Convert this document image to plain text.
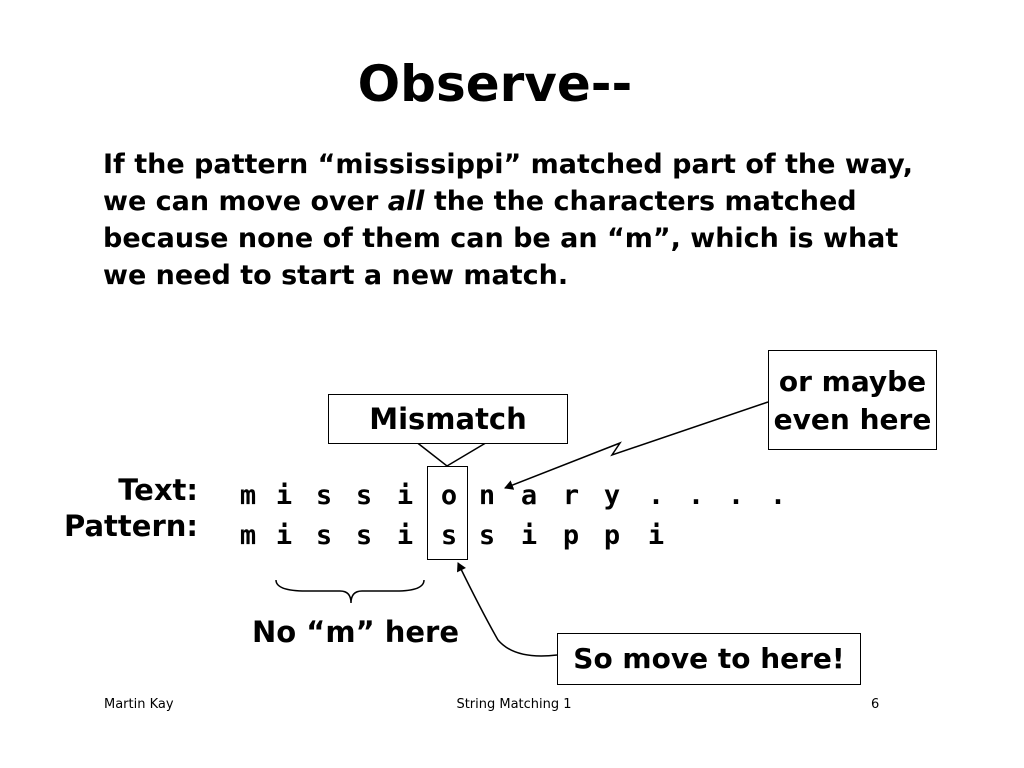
Observe--
If the pattern “mississippi” matched part of the way, we can move over all the the characters matched because none of them can be an “m”, which is what we need to start a new match.
Text:
Pattern:
m i s s i	o n a r y	. . . .
m i s s i	s s i p p	i
Mismatch
or maybe
even here
So move to here!
No “m” here
Martin Kay	String Matching 1	6
